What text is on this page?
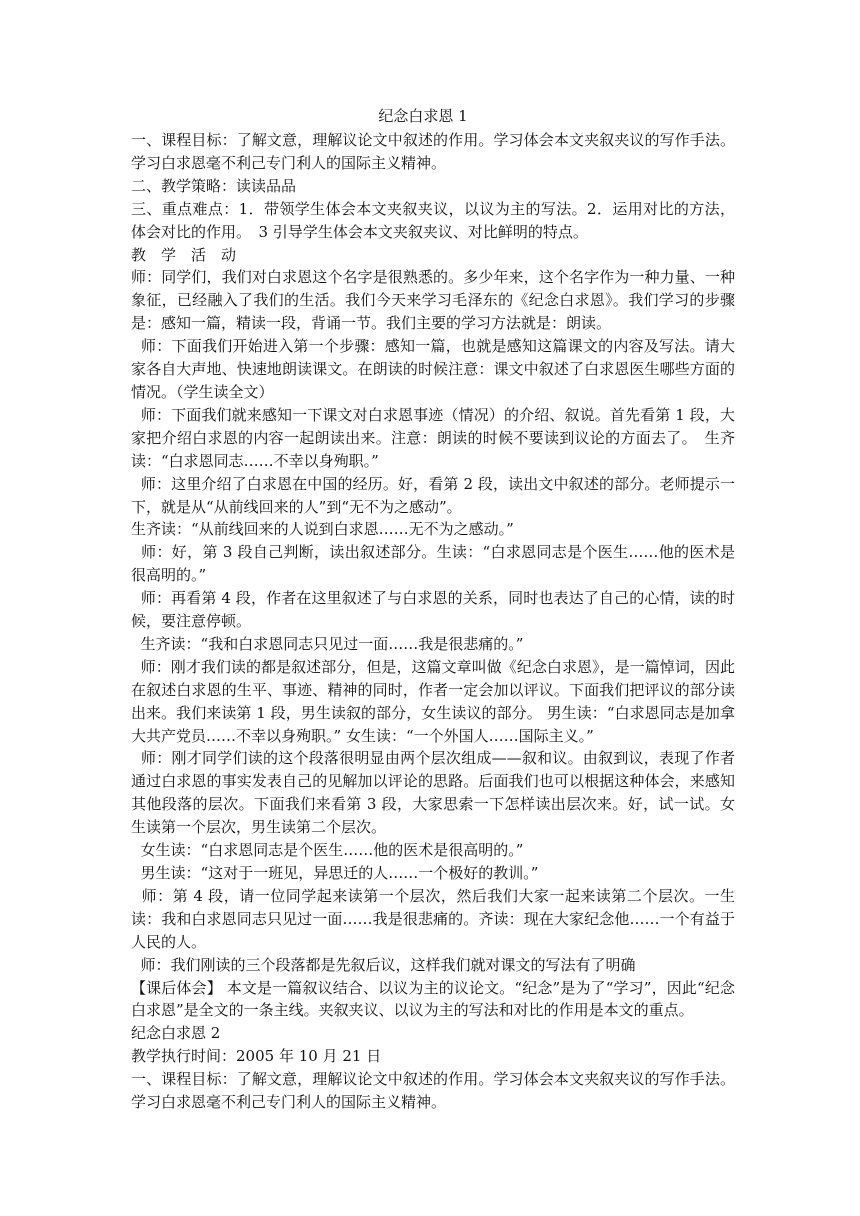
纪念白求恩 1

一、课程目标：了解文意，理解议论文中叙述的作用。学习体会本文夹叙夹议的写作手法。学习白求恩毫不利己专门利人的国际主义精神。

二、教学策略：读读品品

三、重点难点：1．带领学生体会本文夹叙夹议，以议为主的写法。2．运用对比的方法，体会对比的作用。　3 引导学生体会本文夹叙夹议、对比鲜明的特点。

教　学　活　动

师：同学们，我们对白求恩这个名字是很熟悉的。多少年来，这个名字作为一种力量、一种象征，已经融入了我们的生活。我们今天来学习毛泽东的《纪念白求恩》。我们学习的步骤是：感知一篇，精读一段，背诵一节。我们主要的学习方法就是：朗读。

师：下面我们开始进入第一个步骤：感知一篇，也就是感知这篇课文的内容及写法。请大家各自大声地、快速地朗读课文。在朗读的时候注意：课文中叙述了白求恩医生哪些方面的情况。（学生读全文）

师：下面我们就来感知一下课文对白求恩事迹（情况）的介绍、叙说。首先看第 1 段，大家把介绍白求恩的内容一起朗读出来。注意：朗读的时候不要读到议论的方面去了。　生齐读：“白求恩同志……不幸以身殉职。”

师：这里介绍了白求恩在中国的经历。好，看第 2 段，读出文中叙述的部分。老师提示一下，就是从“从前线回来的人”到“无不为之感动”。

生齐读：“从前线回来的人说到白求恩……无不为之感动。”

师：好，第 3 段自己判断，读出叙述部分。生读：“白求恩同志是个医生……他的医术是很高明的。”

师：再看第 4 段，作者在这里叙述了与白求恩的关系，同时也表达了自己的心情，读的时候，要注意停顿。

生齐读：“我和白求恩同志只见过一面……我是很悲痛的。”

师：刚才我们读的都是叙述部分，但是，这篇文章叫做《纪念白求恩》，是一篇悼词，因此在叙述白求恩的生平、事迹、精神的同时，作者一定会加以评议。下面我们把评议的部分读出来。我们来读第 1 段，男生读叙的部分，女生读议的部分。 男生读：“白求恩同志是加拿大共产党员……不幸以身殉职。” 女生读：“一个外国人……国际主义。”

师：刚才同学们读的这个段落很明显由两个层次组成——叙和议。由叙到议，表现了作者通过白求恩的事实发表自己的见解加以评论的思路。后面我们也可以根据这种体会，来感知其他段落的层次。下面我们来看第 3 段，大家思索一下怎样读出层次来。好，试一试。女生读第一个层次，男生读第二个层次。

女生读：“白求恩同志是个医生……他的医术是很高明的。”

男生读：“这对于一班见，异思迁的人……一个极好的教训。”

师：第 4 段，请一位同学起来读第一个层次，然后我们大家一起来读第二个层次。一生读：我和白求恩同志只见过一面……我是很悲痛的。齐读：现在大家纪念他……一个有益于人民的人。

师：我们刚读的三个段落都是先叙后议，这样我们就对课文的写法有了明确

【课后体会】 本文是一篇叙议结合、以议为主的议论文。“纪念”是为了“学习”，因此“纪念白求恩”是全文的一条主线。夹叙夹议、以议为主的写法和对比的作用是本文的重点。

纪念白求恩 2

教学执行时间：2005 年 10 月 21 日

一、课程目标：了解文意，理解议论文中叙述的作用。学习体会本文夹叙夹议的写作手法。学习白求恩毫不利己专门利人的国际主义精神。
